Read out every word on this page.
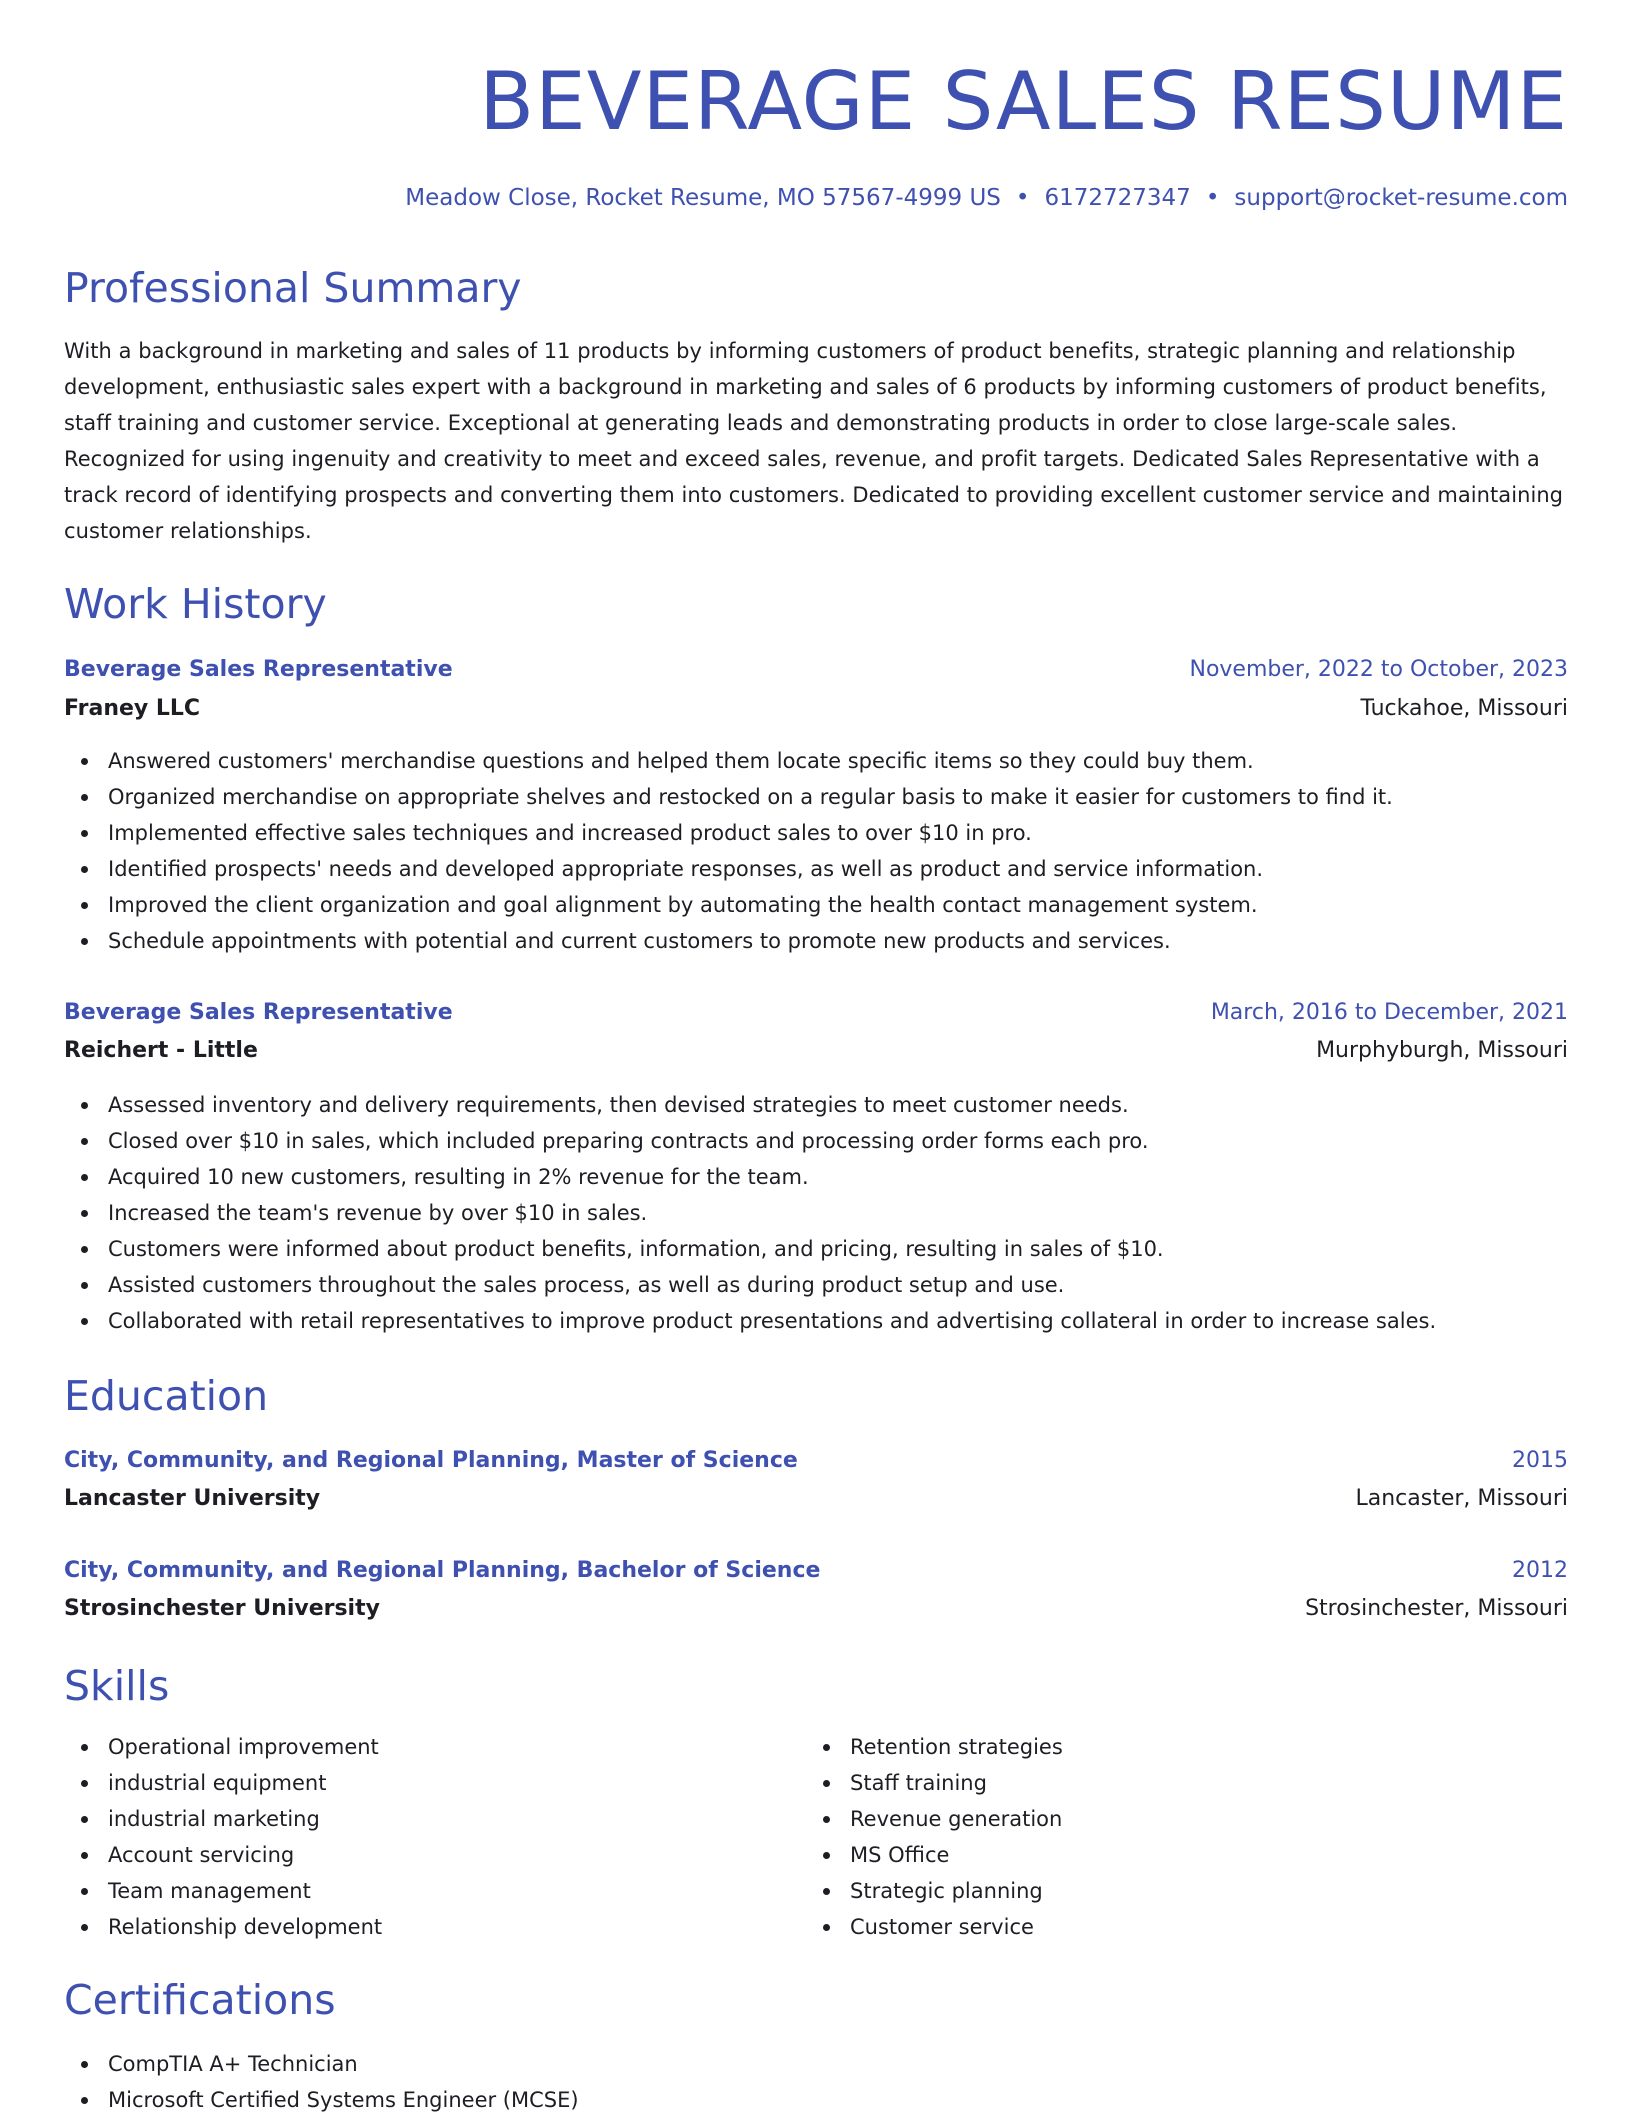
BEVERAGE SALES RESUME
Meadow Close, Rocket Resume, MO 57567-4999 US • 6172727347 • support@rocket-resume.com
Professional Summary
With a background in marketing and sales of 11 products by informing customers of product benefits, strategic planning and relationship development, enthusiastic sales expert with a background in marketing and sales of 6 products by informing customers of product benefits, staff training and customer service. Exceptional at generating leads and demonstrating products in order to close large-scale sales. Recognized for using ingenuity and creativity to meet and exceed sales, revenue, and profit targets. Dedicated Sales Representative with a track record of identifying prospects and converting them into customers. Dedicated to providing excellent customer service and maintaining customer relationships.
Work History
Beverage Sales Representative	November, 2022 to October, 2023
Franey LLC	Tuckahoe, Missouri
Answered customers' merchandise questions and helped them locate specific items so they could buy them.
Organized merchandise on appropriate shelves and restocked on a regular basis to make it easier for customers to find it.
Implemented effective sales techniques and increased product sales to over $10 in pro.
Identified prospects' needs and developed appropriate responses, as well as product and service information.
Improved the client organization and goal alignment by automating the health contact management system.
Schedule appointments with potential and current customers to promote new products and services.
Beverage Sales Representative	March, 2016 to December, 2021
Reichert - Little	Murphyburgh, Missouri
Assessed inventory and delivery requirements, then devised strategies to meet customer needs.
Closed over $10 in sales, which included preparing contracts and processing order forms each pro.
Acquired 10 new customers, resulting in 2% revenue for the team.
Increased the team's revenue by over $10 in sales.
Customers were informed about product benefits, information, and pricing, resulting in sales of $10.
Assisted customers throughout the sales process, as well as during product setup and use.
Collaborated with retail representatives to improve product presentations and advertising collateral in order to increase sales.
Education
City, Community, and Regional Planning, Master of Science	2015
Lancaster University	Lancaster, Missouri
City, Community, and Regional Planning, Bachelor of Science	2012
Strosinchester University	Strosinchester, Missouri
Skills
Operational improvement
industrial equipment
industrial marketing
Account servicing
Team management
Relationship development
Retention strategies
Staff training
Revenue generation
MS Office
Strategic planning
Customer service
Certifications
CompTIA A+ Technician
Microsoft Certified Systems Engineer (MCSE)
